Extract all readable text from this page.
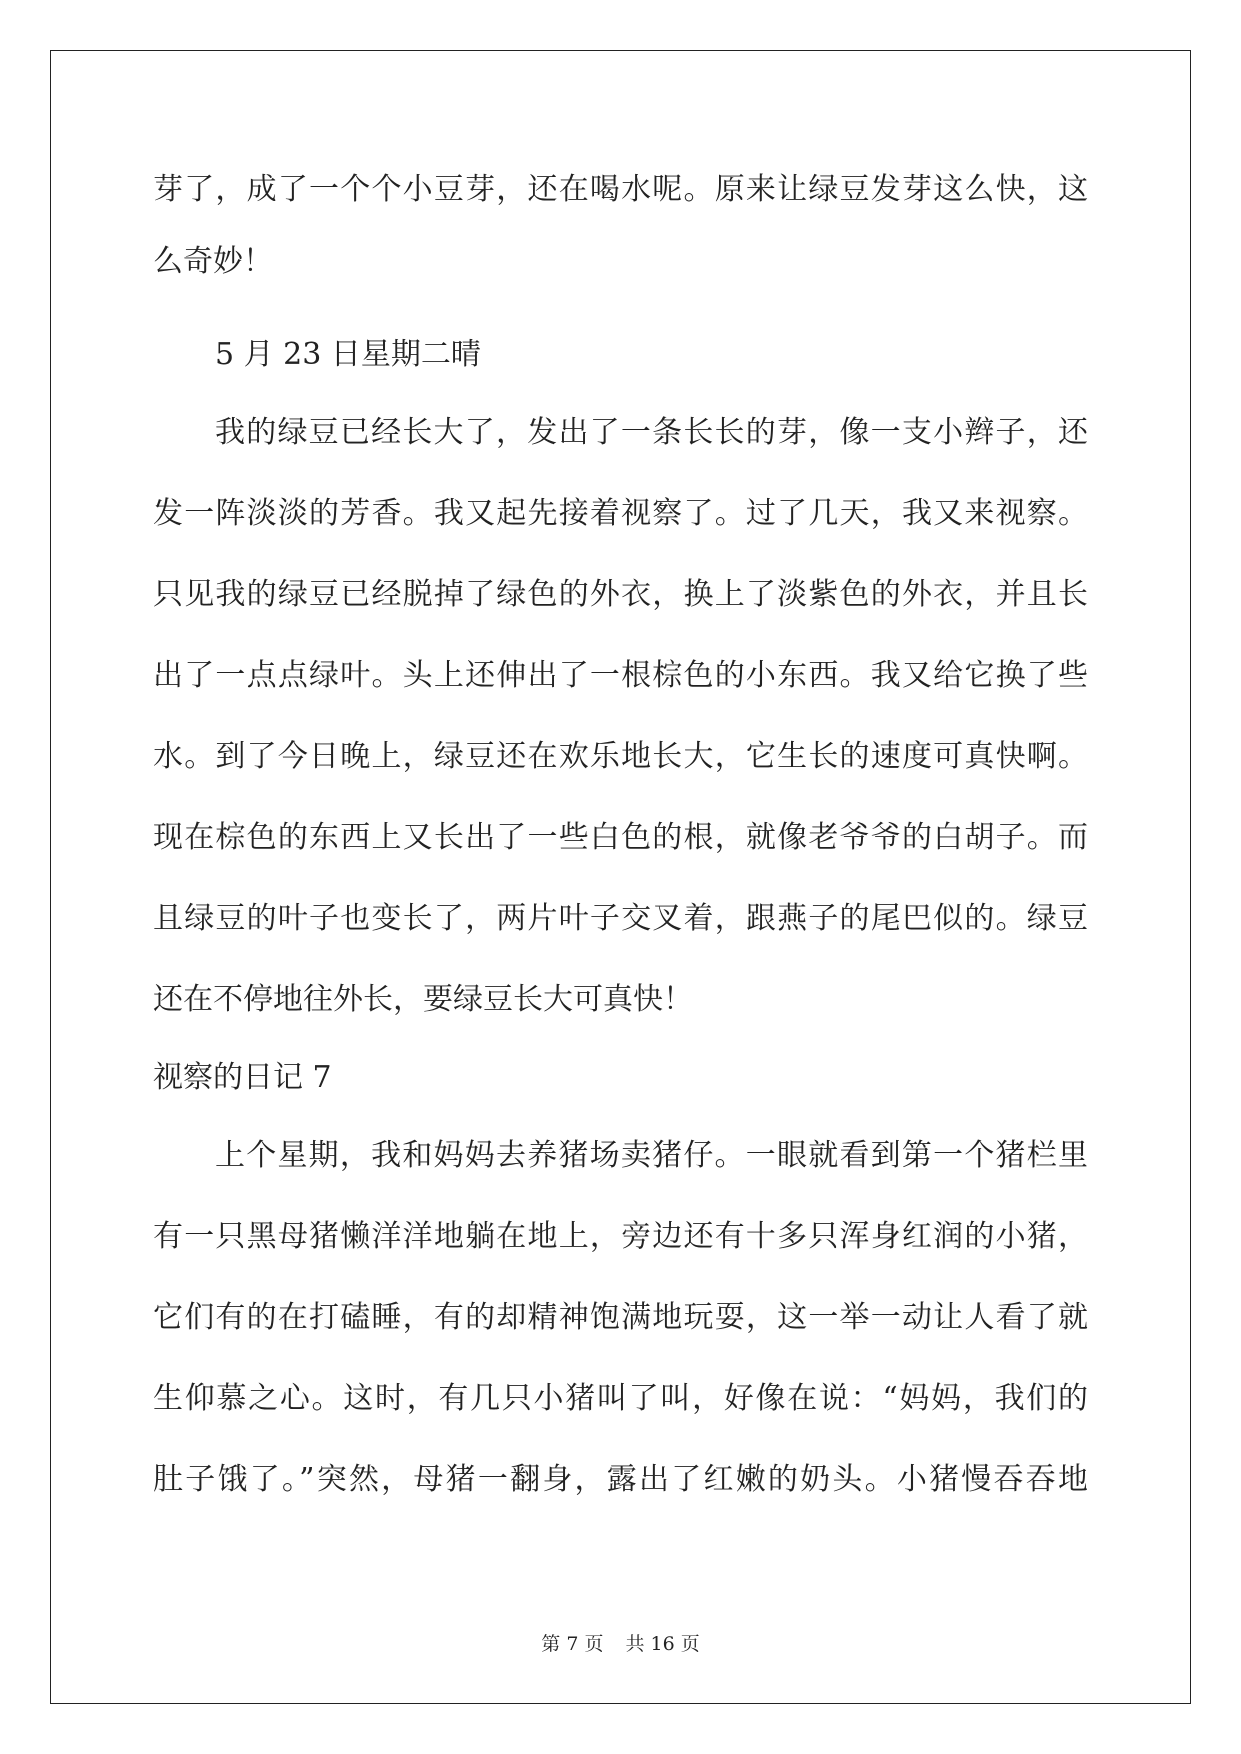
芽了，成了一个个小豆芽，还在喝水呢。原来让绿豆发芽这么快，这
么奇妙！
5 月 23 日星期二晴
我的绿豆已经长大了，发出了一条长长的芽，像一支小辫子，还
发一阵淡淡的芳香。我又起先接着视察了。过了几天，我又来视察。
只见我的绿豆已经脱掉了绿色的外衣，换上了淡紫色的外衣，并且长
出了一点点绿叶。头上还伸出了一根棕色的小东西。我又给它换了些
水。到了今日晚上，绿豆还在欢乐地长大，它生长的速度可真快啊。
现在棕色的东西上又长出了一些白色的根，就像老爷爷的白胡子。而
且绿豆的叶子也变长了，两片叶子交叉着，跟燕子的尾巴似的。绿豆
还在不停地往外长，要绿豆长大可真快！
视察的日记 7
上个星期，我和妈妈去养猪场卖猪仔。一眼就看到第一个猪栏里
有一只黑母猪懒洋洋地躺在地上，旁边还有十多只浑身红润的小猪，
它们有的在打磕睡，有的却精神饱满地玩耍，这一举一动让人看了就
生仰慕之心。这时，有几只小猪叫了叫，好像在说：“妈妈，我们的
肚子饿了。”突然，母猪一翻身，露出了红嫩的奶头。小猪慢吞吞地
第 7 页 共 16 页
